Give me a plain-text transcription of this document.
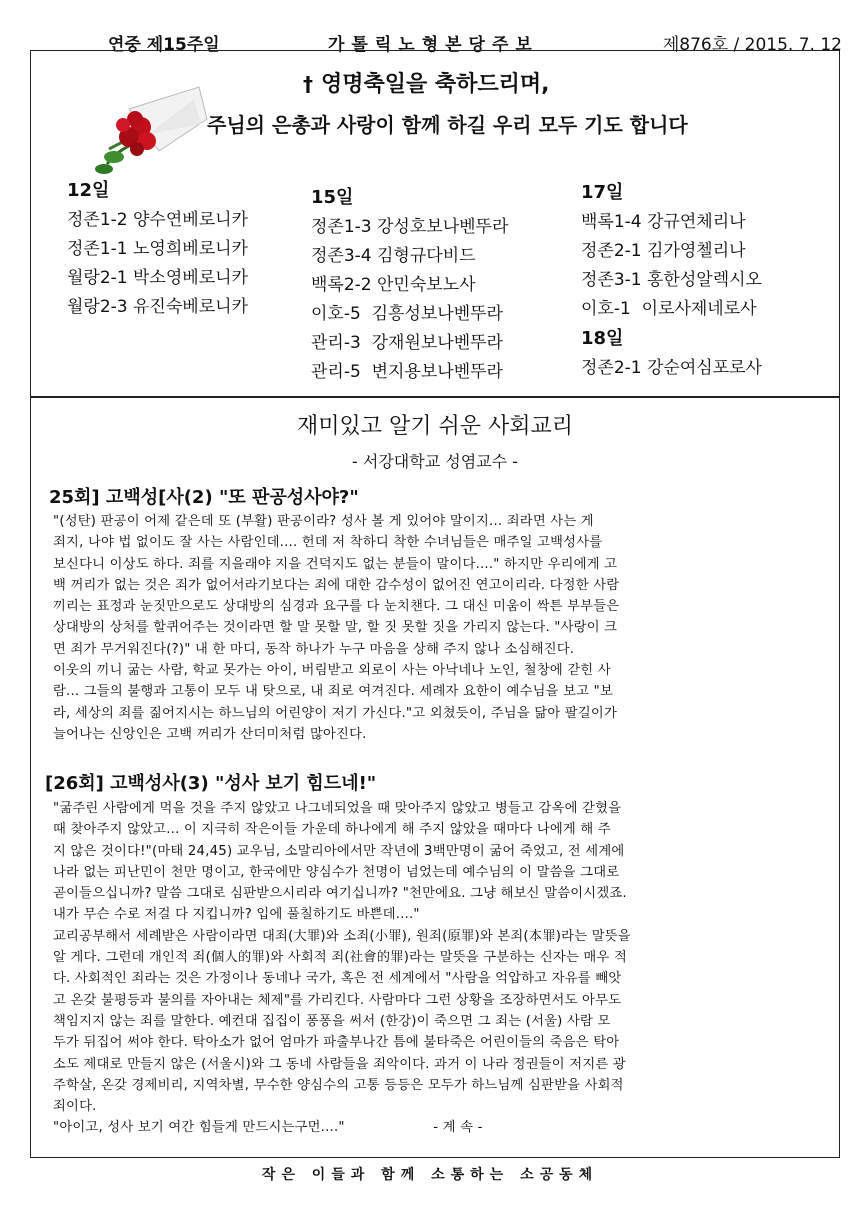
연중 제15주일	가톨릭노형본당주보	제876호 / 2015. 7. 12
† 영명축일을 축하드리며,
주님의 은총과 사랑이 함께 하길 우리 모두 기도 합니다
12일
정존1-2 양수연베로니카
정존1-1 노영희베로니카
월랑2-1 박소영베로니카
월랑2-3 유진숙베로니카
15일
정존1-3 강성호보나벤뚜라
정존3-4 김형규다비드
백록2-2 안민숙보노사
이호-5  김흥성보나벤뚜라
관리-3  강재원보나벤뚜라
관리-5  변지용보나벤뚜라
17일
백록1-4 강규연체리나
정존2-1 김가영첼리나
정존3-1 홍한성알렉시오
이호-1  이로사제네로사
18일
정존2-1 강순여심포로사
재미있고 알기 쉬운 사회교리
- 서강대학교 성염교수 -
25회] 고백성[사(2) "또 판공성사야?"
"(성탄) 판공이 어제 같은데 또 (부활) 판공이라? 성사 볼 게 있어야 말이지... 죄라면 사는 게
죄지, 나야 법 없이도 잘 사는 사람인데.... 헌데 저 착하디 착한 수녀님들은 매주일 고백성사를
보신다니 이상도 하다. 죄를 지을래야 지을 건덕지도 없는 분들이 말이다...." 하지만 우리에게 고
백 꺼리가 없는 것은 죄가 없어서라기보다는 죄에 대한 감수성이 없어진 연고이리라. 다정한 사람
끼리는 표정과 눈짓만으로도 상대방의 심경과 요구를 다 눈치챈다. 그 대신 미움이 싹튼 부부들은
상대방의 상처를 할퀴어주는 것이라면 할 말 못할 말, 할 짓 못할 짓을 가리지 않는다. "사랑이 크
면 죄가 무거워진다(?)" 내 한 마디, 동작 하나가 누구 마음을 상해 주지 않나 소심해진다.
이웃의 끼니 굶는 사람, 학교 못가는 아이, 버림받고 외로이 사는 아낙네나 노인, 철창에 갇힌 사
람... 그들의 불행과 고통이 모두 내 탓으로, 내 죄로 여겨진다. 세례자 요한이 예수님을 보고 "보
라, 세상의 죄를 짊어지시는 하느님의 어린양이 저기 가신다."고 외쳤듯이, 주님을 닮아 팔길이가
늘어나는 신앙인은 고백 꺼리가 산더미처럼 많아진다.
[26회] 고백성사(3) "성사 보기 힘드네!"
"굶주린 사람에게 먹을 것을 주지 않았고 나그네되었을 때 맞아주지 않았고 병들고 감옥에 갇혔을
때 찾아주지 않았고... 이 지극히 작은이들 가운데 하나에게 해 주지 않았을 때마다 나에게 해 주
지 않은 것이다!"(마태 24,45) 교우님, 소말리아에서만 작년에 3백만명이 굶어 죽었고, 전 세계에
나라 없는 피난민이 천만 명이고, 한국에만 양심수가 천명이 넘었는데 예수님의 이 말씀을 그대로
곧이들으십니까? 말씀 그대로 심판받으시리라 여기십니까? "천만에요. 그냥 해보신 말씀이시겠죠.
내가 무슨 수로 저걸 다 지킵니까? 입에 풀칠하기도 바쁜데...."
교리공부해서 세례받은 사람이라면 대죄(大罪)와 소죄(小罪), 원죄(原罪)와 본죄(本罪)라는 말뜻을
알 게다. 그런데 개인적 죄(個人的罪)와 사회적 죄(社會的罪)라는 말뜻을 구분하는 신자는 매우 적
다. 사회적인 죄라는 것은 가정이나 동네나 국가, 혹은 전 세계에서 "사람을 억압하고 자유를 빼앗
고 온갖 불평등과 불의를 자아내는 체제"를 가리킨다. 사람마다 그런 상황을 조장하면서도 아무도
책임지지 않는 죄를 말한다. 예컨대 집집이 퐁퐁을 써서 (한강)이 죽으면 그 죄는 (서울) 사람 모
두가 뒤집어 써야 한다. 탁아소가 없어 엄마가 파출부나간 틈에 불타죽은 어린이들의 죽음은 탁아
소도 제대로 만들지 않은 (서울시)와 그 동네 사람들을 죄악이다. 과거 이 나라 정권들이 저지른 광
주학살, 온갖 경제비리, 지역차별, 무수한 양심수의 고통 등등은 모두가 하느님께 심판받을 사회적
죄이다.
"아이고, 성사 보기 여간 힘들게 만드시는구먼...."                    - 계 속 -
작은 이들과 함께 소통하는 소공동체
